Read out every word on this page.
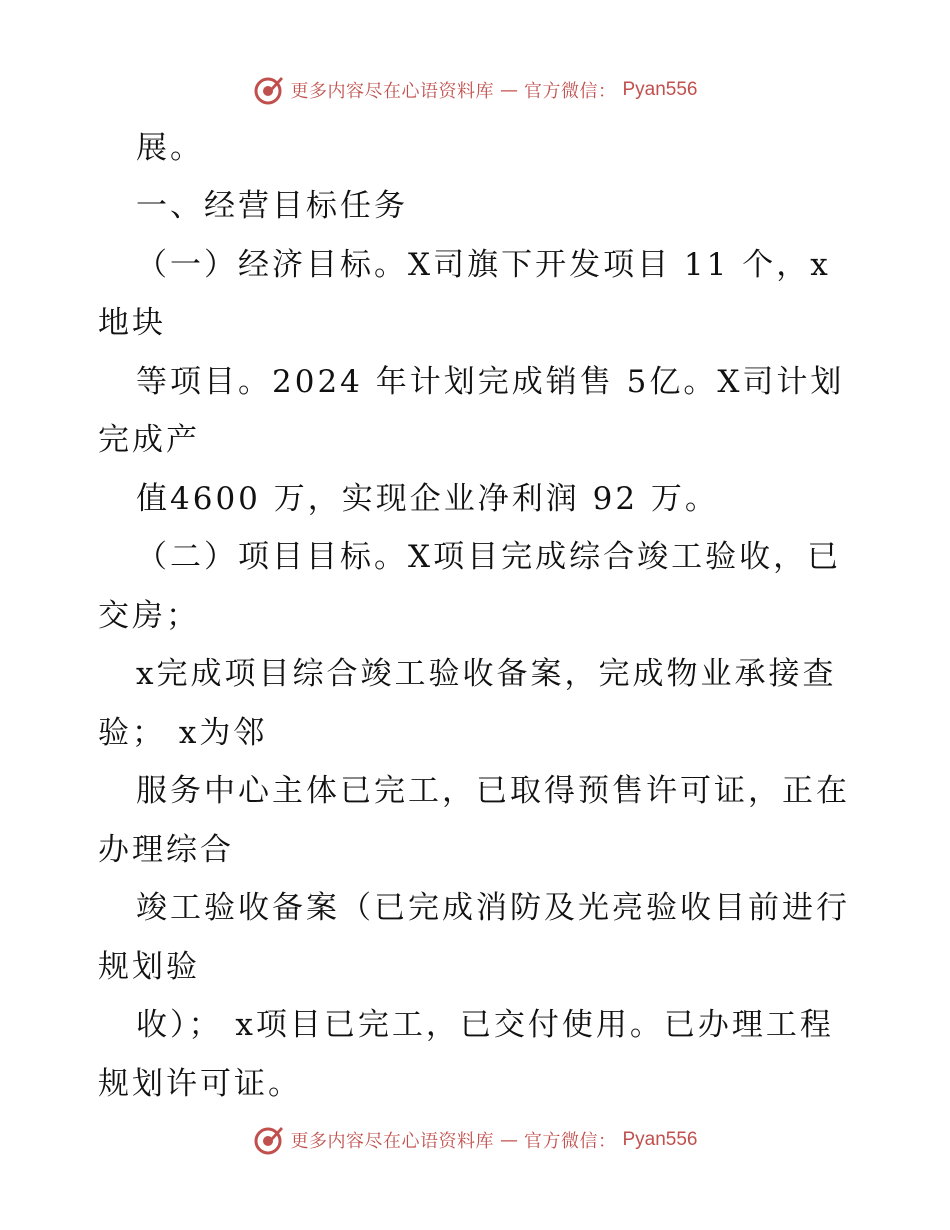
更多内容尽在心语资料库 — 官方微信： Pyan556
展。
一、经营目标任务
（一）经济目标。X司旗下开发项目 11 个，x
地块
等项目。2024 年计划完成销售 5亿。X司计划
完成产
值4600 万，实现企业净利润 92 万。
（二）项目目标。X项目完成综合竣工验收，已
交房；
x完成项目综合竣工验收备案，完成物业承接查
验； x为邻
服务中心主体已完工，已取得预售许可证，正在
办理综合
竣工验收备案（已完成消防及光亮验收目前进行
规划验
收）； x项目已完工，已交付使用。已办理工程
规划许可证。
更多内容尽在心语资料库 — 官方微信： Pyan556
